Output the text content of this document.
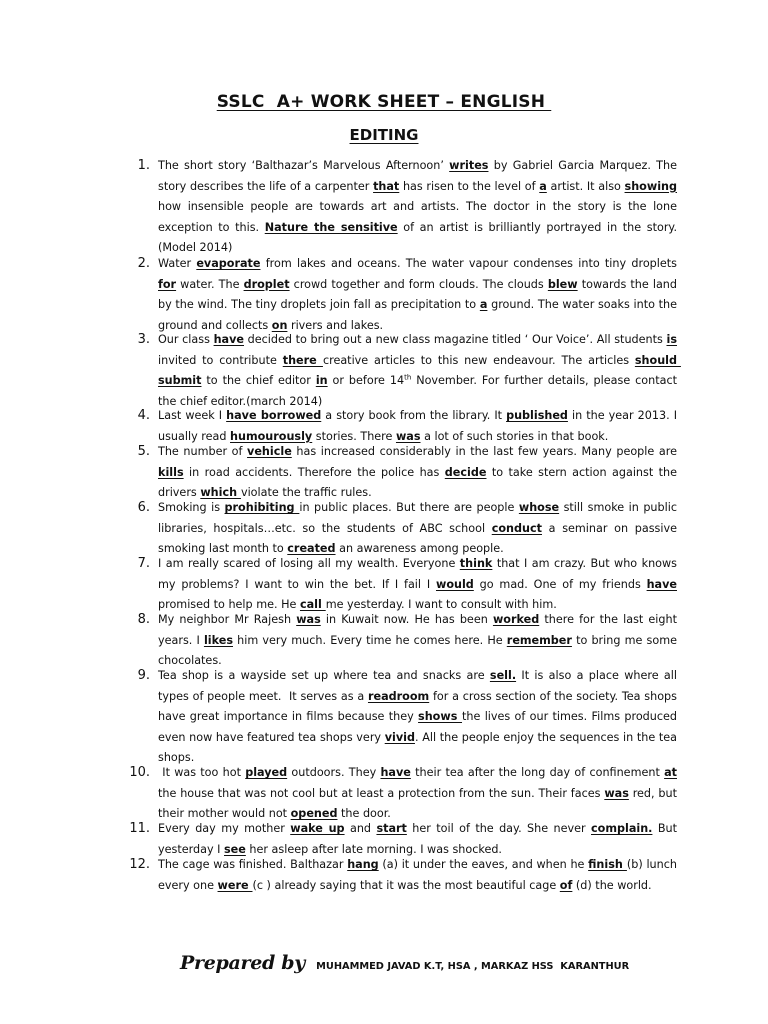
SSLC  A+ WORK SHEET – ENGLISH
EDITING
1. The short story ‘Balthazar’s Marvelous Afternoon’ writes by Gabriel Garcia Marquez. The story describes the life of a carpenter that has risen to the level of a artist. It also showing how insensible people are towards art and artists. The doctor in the story is the lone exception to this. Nature the sensitive of an artist is brilliantly portrayed in the story.(Model 2014)
2. Water evaporate from lakes and oceans. The water vapour condenses into tiny droplets for water. The droplet crowd together and form clouds. The clouds blew towards the land by the wind. The tiny droplets join fall as precipitation to a ground. The water soaks into the ground and collects on rivers and lakes.
3. Our class have decided to bring out a new class magazine titled ‘ Our Voice’. All students is invited to contribute there creative articles to this new endeavour. The articles should submit to the chief editor in or before 14th November. For further details, please contact the chief editor.(march 2014)
4. Last week I have borrowed a story book from the library. It published in the year 2013. I usually read humourously stories. There was a lot of such stories in that book.
5. The number of vehicle has increased considerably in the last few years. Many people are kills in road accidents. Therefore the police has decide to take stern action against the drivers which violate the traffic rules.
6. Smoking is prohibiting in public places. But there are people whose still smoke in public libraries, hospitals…etc. so the students of ABC school conduct a seminar on passive smoking last month to created an awareness among people.
7. I am really scared of losing all my wealth. Everyone think that I am crazy. But who knows my problems? I want to win the bet. If I fail I would go mad. One of my friends have promised to help me. He call me yesterday. I want to consult with him.
8. My neighbor Mr Rajesh was in Kuwait now. He has been worked there for the last eight years. I likes him very much. Every time he comes here. He remember to bring me some chocolates.
9. Tea shop is a wayside set up where tea and snacks are sell. It is also a place where all types of people meet.  It serves as a readroom for a cross section of the society. Tea shops have great importance in films because they shows the lives of our times. Films produced even now have featured tea shops very vivid. All the people enjoy the sequences in the tea shops.
10. It was too hot played outdoors. They have their tea after the long day of confinement at the house that was not cool but at least a protection from the sun. Their faces was red, but their mother would not opened the door.
11. Every day my mother wake up and start her toil of the day. She never complain. But yesterday I see her asleep after late morning. I was shocked.
12. The cage was finished. Balthazar hang (a) it under the eaves, and when he finish (b) lunch every one were (c ) already saying that it was the most beautiful cage of (d) the world.
Prepared by MUHAMMED JAVAD K.T, HSA , MARKAZ HSS  KARANTHUR
